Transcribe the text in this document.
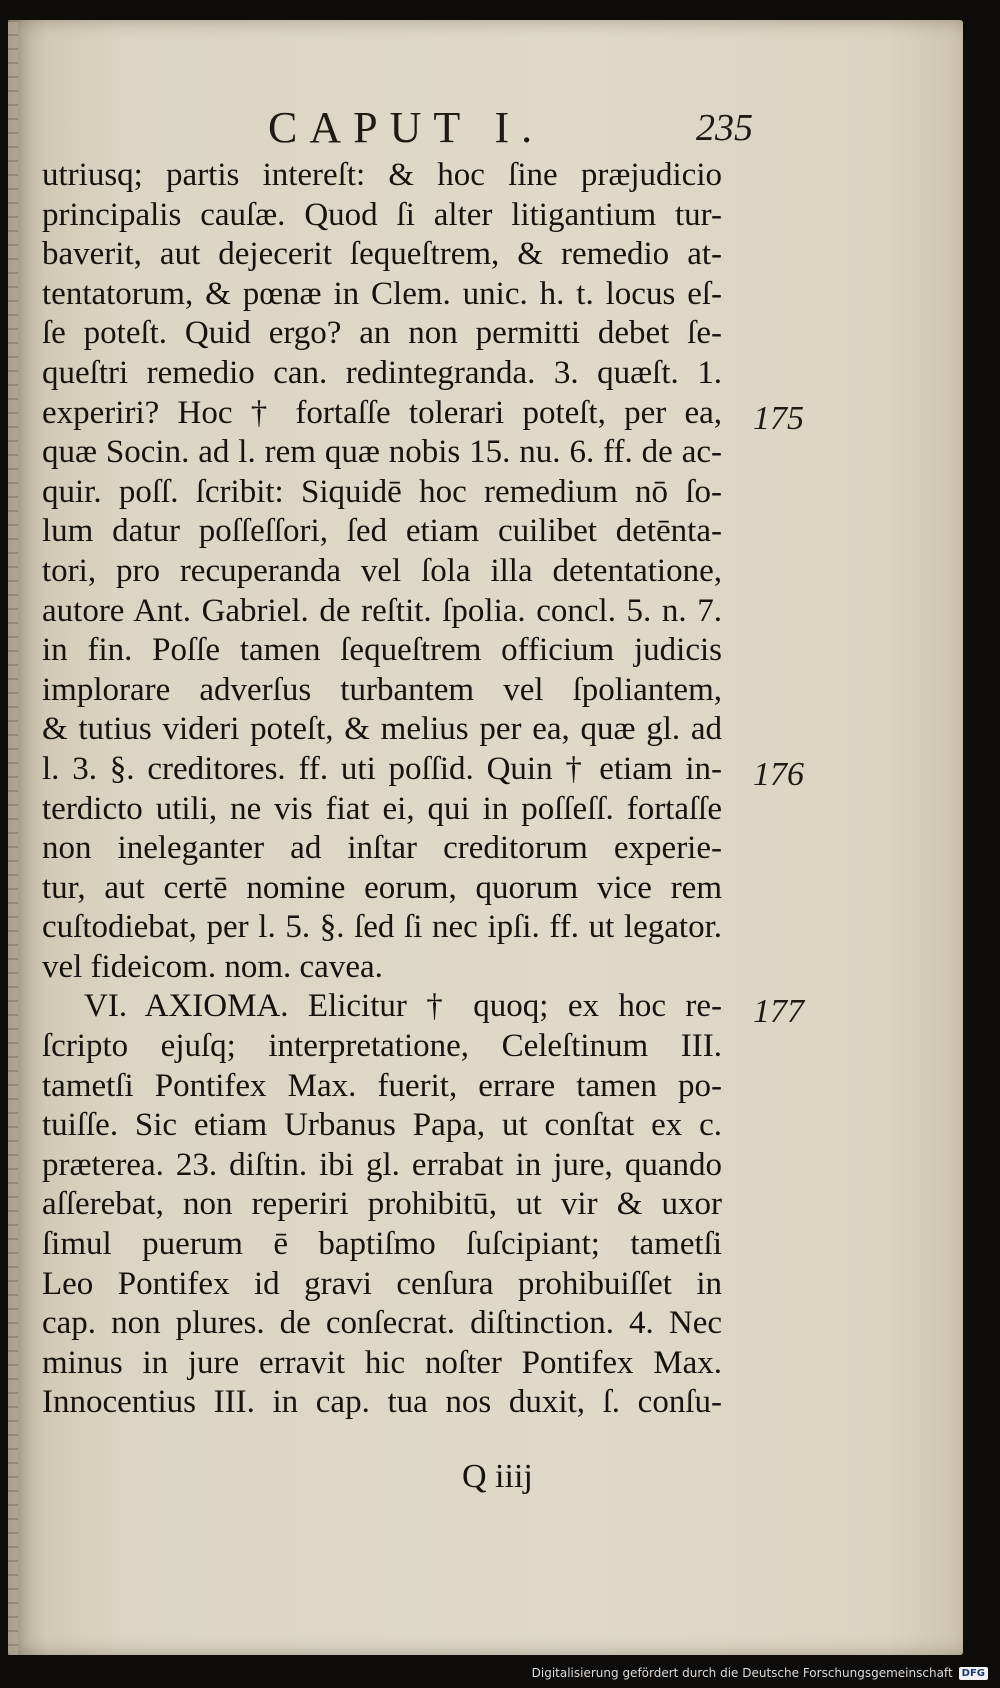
CAPUT I.	235
utriusq; partis intereſt: & hoc ſine præjudicio
principalis cauſæ. Quod ſi alter litigantium tur-
baverit, aut dejecerit ſequeſtrem, & remedio at-
tentatorum, & pœnæ in Clem. unic. h. t. locus eſ-
ſe poteſt. Quid ergo? an non permitti debet ſe-
queſtri remedio can. redintegranda. 3. quæſt. 1.
experiri? Hoc † fortaſſe tolerari poteſt, per ea,
quæ Socin. ad l. rem quæ nobis 15. nu. 6. ff. de ac-
quir. poſſ. ſcribit: Siquidē hoc remedium nō ſo-
lum datur poſſeſſori, ſed etiam cuilibet detēnta-
tori, pro recuperanda vel ſola illa detentatione,
autore Ant. Gabriel. de reſtit. ſpolia. concl. 5. n. 7.
in fin. Poſſe tamen ſequeſtrem officium judicis
implorare adverſus turbantem vel ſpoliantem,
& tutius videri poteſt, & melius per ea, quæ gl. ad
l. 3. §. creditores. ff. uti poſſid. Quin † etiam in-
terdicto utili, ne vis fiat ei, qui in poſſeſſ. fortaſſe
non ineleganter ad inſtar creditorum experie-
tur, aut certē nomine eorum, quorum vice rem
cuſtodiebat, per l. 5. §. ſed ſi nec ipſi. ff. ut legator.
vel fideicom. nom. cavea.
VI. AXIOMA. Elicitur † quoq; ex hoc re-
ſcripto ejuſq; interpretatione, Celeſtinum III.
tametſi Pontifex Max. fuerit, errare tamen po-
tuiſſe. Sic etiam Urbanus Papa, ut conſtat ex c.
præterea. 23. diſtin. ibi gl. errabat in jure, quando
aſſerebat, non reperiri prohibitū, ut vir & uxor
ſimul puerum ē baptiſmo ſuſcipiant; tametſi
Leo Pontifex id gravi cenſura prohibuiſſet in
cap. non plures. de conſecrat. diſtinction. 4. Nec
minus in jure erravit hic noſter Pontifex Max.
Innocentius III. in cap. tua nos duxit, ſ. conſu-
175
176
177
Q iiij
Digitalisierung gefördert durch die Deutsche Forschungsgemeinschaft DFG
